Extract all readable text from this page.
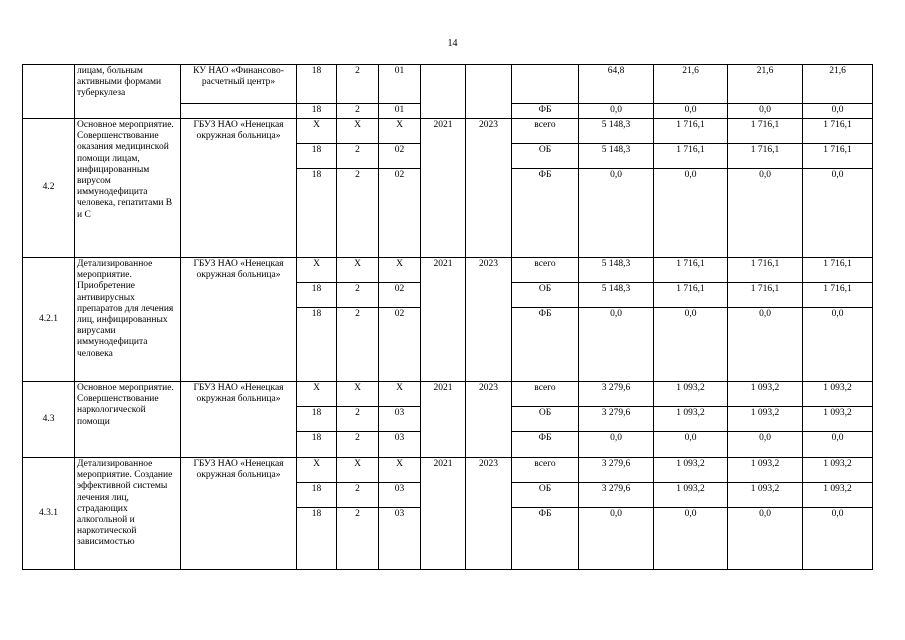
14
	лицам, больным активными формами туберкулеза	КУ НАО «Финансово-расчетный центр»	18	2	01				64,8	21,6	21,6	21,6
			18	2	01			ФБ	0,0	0,0	0,0	0,0
4.2	Основное мероприятие. Совершенствование оказания медицинской помощи лицам, инфицированным вирусом иммунодефицита человека, гепатитами В и С	ГБУЗ НАО «Ненецкая окружная больница»	Х	Х	Х	2021	2023	всего	5 148,3	1 716,1	1 716,1	1 716,1
			18	2	02			ОБ	5 148,3	1 716,1	1 716,1	1 716,1
			18	2	02			ФБ	0,0	0,0	0,0	0,0
4.2.1	Детализированное мероприятие. Приобретение антивирусных препаратов для лечения лиц, инфицированных вирусами иммунодефицита человека	ГБУЗ НАО «Ненецкая окружная больница»	Х	Х	Х	2021	2023	всего	5 148,3	1 716,1	1 716,1	1 716,1
			18	2	02			ОБ	5 148,3	1 716,1	1 716,1	1 716,1
			18	2	02			ФБ	0,0	0,0	0,0	0,0
4.3	Основное мероприятие. Совершенствование наркологической помощи	ГБУЗ НАО «Ненецкая окружная больница»	Х	Х	Х	2021	2023	всего	3 279,6	1 093,2	1 093,2	1 093,2
			18	2	03			ОБ	3 279,6	1 093,2	1 093,2	1 093,2
			18	2	03			ФБ	0,0	0,0	0,0	0,0
4.3.1	Детализированное мероприятие. Создание эффективной системы лечения лиц, страдающих алкогольной и наркотической зависимостью	ГБУЗ НАО «Ненецкая окружная больница»	Х	Х	Х	2021	2023	всего	3 279,6	1 093,2	1 093,2	1 093,2
			18	2	03			ОБ	3 279,6	1 093,2	1 093,2	1 093,2
			18	2	03			ФБ	0,0	0,0	0,0	0,0
